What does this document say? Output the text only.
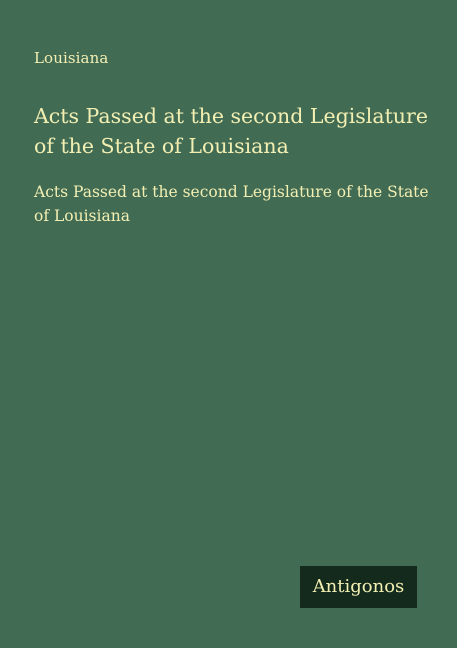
Louisiana
Acts Passed at the second Legislature of the State of Louisiana

Acts Passed at the second Legislature of the State of Louisiana

Antigonos
